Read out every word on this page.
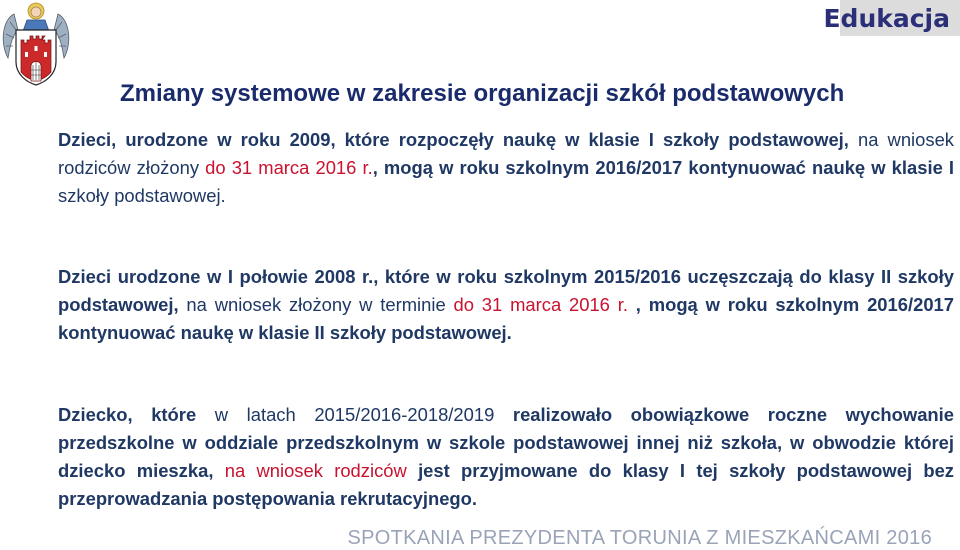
Edukacja
Zmiany systemowe w zakresie organizacji szkół podstawowych

Dzieci, urodzone w roku 2009, które rozpoczęły naukę w klasie I szkoły podstawowej, na wniosek rodziców złożony do 31 marca 2016 r., mogą w roku szkolnym 2016/2017 kontynuować naukę w klasie I szkoły podstawowej.

Dzieci urodzone w I połowie 2008 r., które w roku szkolnym 2015/2016 uczęszczają do klasy II szkoły podstawowej, na wniosek złożony w terminie do 31 marca 2016 r. , mogą w roku szkolnym 2016/2017 kontynuować naukę w klasie II szkoły podstawowej.

Dziecko, które w latach 2015/2016-2018/2019 realizowało obowiązkowe roczne wychowanie przedszkolne w oddziale przedszkolnym w szkole podstawowej innej niż szkoła, w obwodzie której dziecko mieszka, na wniosek rodziców jest przyjmowane do klasy I tej szkoły podstawowej bez przeprowadzania postępowania rekrutacyjnego.

SPOTKANIA PREZYDENTA TORUNIA Z MIESZKAŃCAMI 2016
